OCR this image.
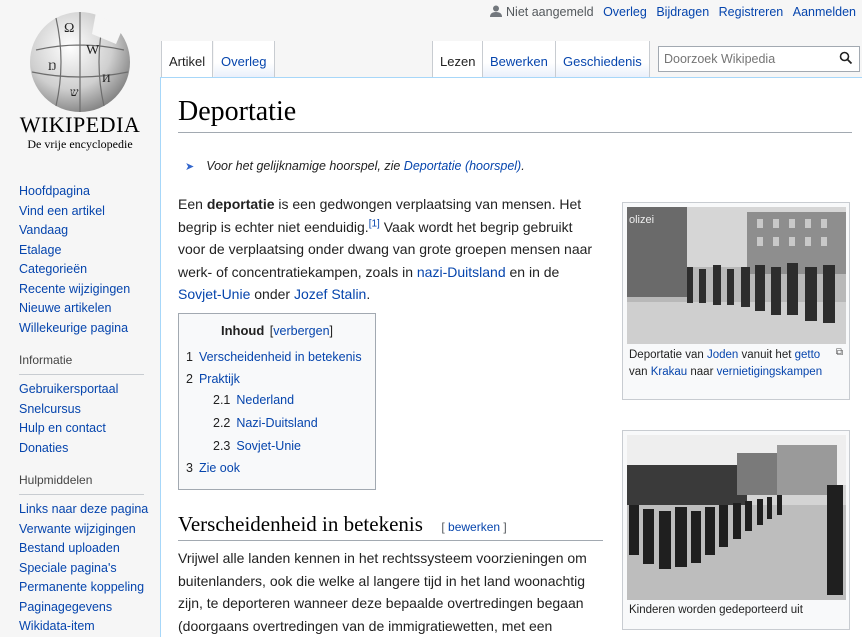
Ω
W
Ŋ
И
ש
WIKIPEDIA
De vrije encyclopedie
Hoofdpagina
Vind een artikel
Vandaag
Etalage
Categorieën
Recente wijzigingen
Nieuwe artikelen
Willekeurige pagina
Informatie
Gebruikersportaal
Snelcursus
Hulp en contact
Donaties
Hulpmiddelen
Links naar deze pagina
Verwante wijzigingen
Bestand uploaden
Speciale pagina's
Permanente koppeling
Paginagegevens
Wikidata-item
Niet aangemeld Overleg Bijdragen Registreren Aanmelden
Artikel	Overleg	Lezen	Bewerken	Geschiedenis
Doorzoek Wikipedia
Deportatie
➤ Voor het gelijknamige hoorspel, zie Deportatie (hoorspel).
Een deportatie is een gedwongen verplaatsing van mensen. Het begrip is echter niet eenduidig.[1] Vaak wordt het begrip gebruikt voor de verplaatsing onder dwang van grote groepen mensen naar werk- of concentratiekampen, zoals in nazi-Duitsland en in de Sovjet-Unie onder Jozef Stalin.
Inhoud [verbergen]
1 Verscheidenheid in betekenis
2 Praktijk
2.1 Nederland
2.2 Nazi-Duitsland
2.3 Sovjet-Unie
3 Zie ook
Verscheidenheid in betekenis [ bewerken ]
Vrijwel alle landen kennen in het rechtssysteem voorzieningen om buitenlanders, ook die welke al langere tijd in het land woonachtig zijn, te deporteren wanneer deze bepaalde overtredingen begaan (doorgaans overtredingen van de immigratiewetten, met een
olizei
Deportatie van Joden vanuit het getto van Krakau naar vernietigingskampen
⧉
Kinderen worden gedeporteerd uit
